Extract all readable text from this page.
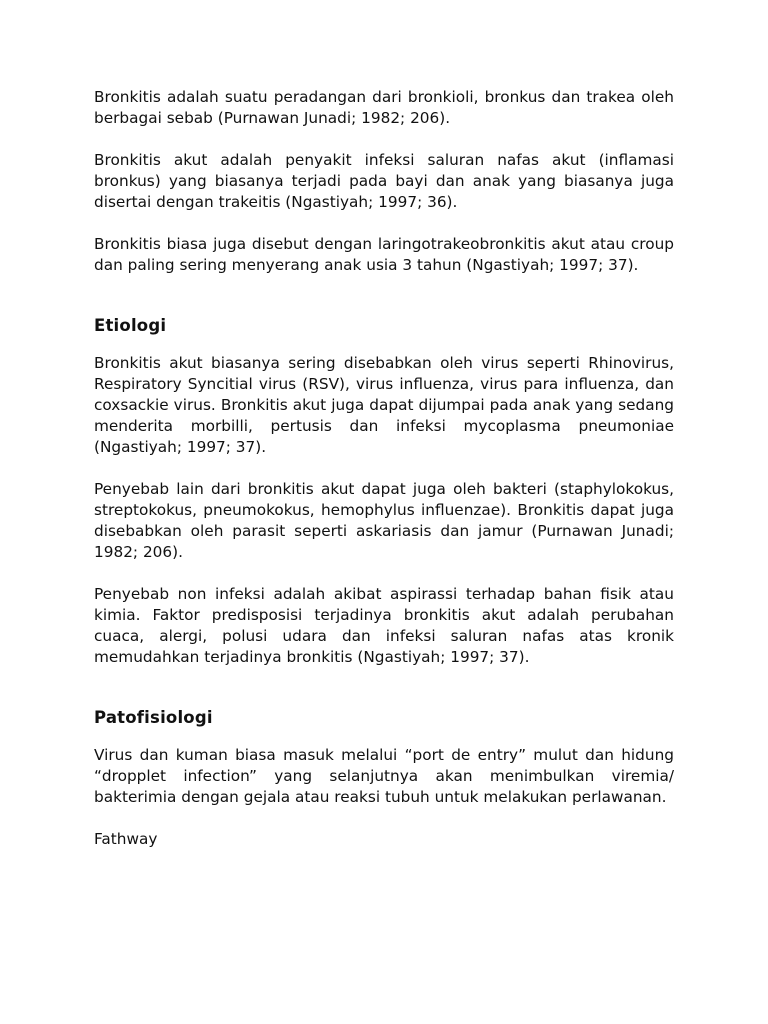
Bronkitis adalah suatu peradangan dari bronkioli, bronkus dan trakea oleh berbagai sebab (Purnawan Junadi; 1982; 206).

Bronkitis akut adalah penyakit infeksi saluran nafas akut (inflamasi bronkus) yang biasanya terjadi pada bayi dan anak yang biasanya juga disertai dengan trakeitis (Ngastiyah; 1997; 36).

Bronkitis biasa juga disebut dengan laringotrakeobronkitis akut atau croup dan paling sering menyerang anak usia 3 tahun (Ngastiyah; 1997; 37).

Etiologi

Bronkitis akut biasanya sering disebabkan oleh virus seperti Rhinovirus, Respiratory Syncitial virus (RSV), virus influenza, virus para influenza, dan coxsackie virus. Bronkitis akut juga dapat dijumpai pada anak yang sedang menderita morbilli, pertusis dan infeksi mycoplasma pneumoniae (Ngastiyah; 1997; 37).

Penyebab lain dari bronkitis akut dapat juga oleh bakteri (staphylokokus, streptokokus, pneumokokus, hemophylus influenzae). Bronkitis dapat juga disebabkan oleh parasit seperti askariasis dan jamur (Purnawan Junadi; 1982; 206).

Penyebab non infeksi adalah akibat aspirassi terhadap bahan fisik atau kimia. Faktor predisposisi terjadinya bronkitis akut adalah perubahan cuaca, alergi, polusi udara dan infeksi saluran nafas atas kronik memudahkan terjadinya bronkitis (Ngastiyah; 1997; 37).

Patofisiologi

Virus dan kuman biasa masuk melalui “port de entry” mulut dan hidung “dropplet infection” yang selanjutnya akan menimbulkan viremia/ bakterimia dengan gejala atau reaksi tubuh untuk melakukan perlawanan.

Fathway
